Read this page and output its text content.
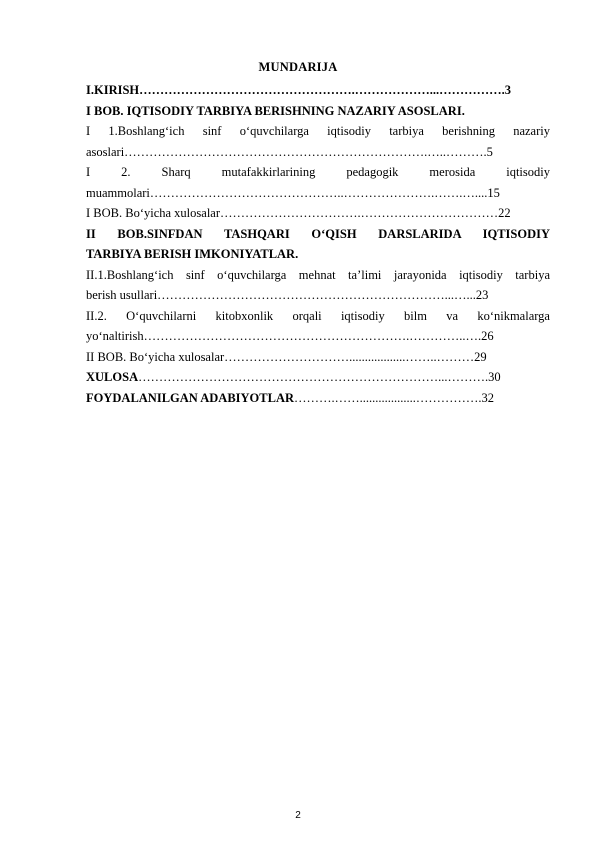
MUNDARIJA
I.KIRISH…………………………………………….………………...…………….3
I BOB. IQTISODIY TARBIYA BERISHNING NAZARIY ASOSLARI.
I 1.Boshlang‘ich sinf o‘quvchilarga iqtisodiy tarbiya berishning nazariy
asoslari……………………………………………………………….…..……….5
I 2. Sharq mutafakkirlarining pedagogik merosida iqtisodiy
muammolari………………………………………..………………….…….…....15
I BOB. Bo‘yicha xulosalar…………………………….……………………………22
II BOB.SINFDAN TASHQARI O‘QISH DARSLARIDA IQTISODIY
TARBIYA BERISH IMKONIYATLAR.
II.1.Boshlang‘ich sinf o‘quvchilarga mehnat ta’limi jarayonida iqtisodiy tarbiya
berish usullari……………………………………………………………...…...23
II.2. O‘quvchilarni kitobxonlik orqali iqtisodiy bilm va ko‘nikmalarga
yo‘naltirish……………………………………………………….…………..….26
II BOB. Bo‘yicha xulosalar…………………………..................……..………29
XULOSA………………………………………………………………...……….30
FOYDALANILGAN ADABIYOTLAR……….……..................…………….32
2
